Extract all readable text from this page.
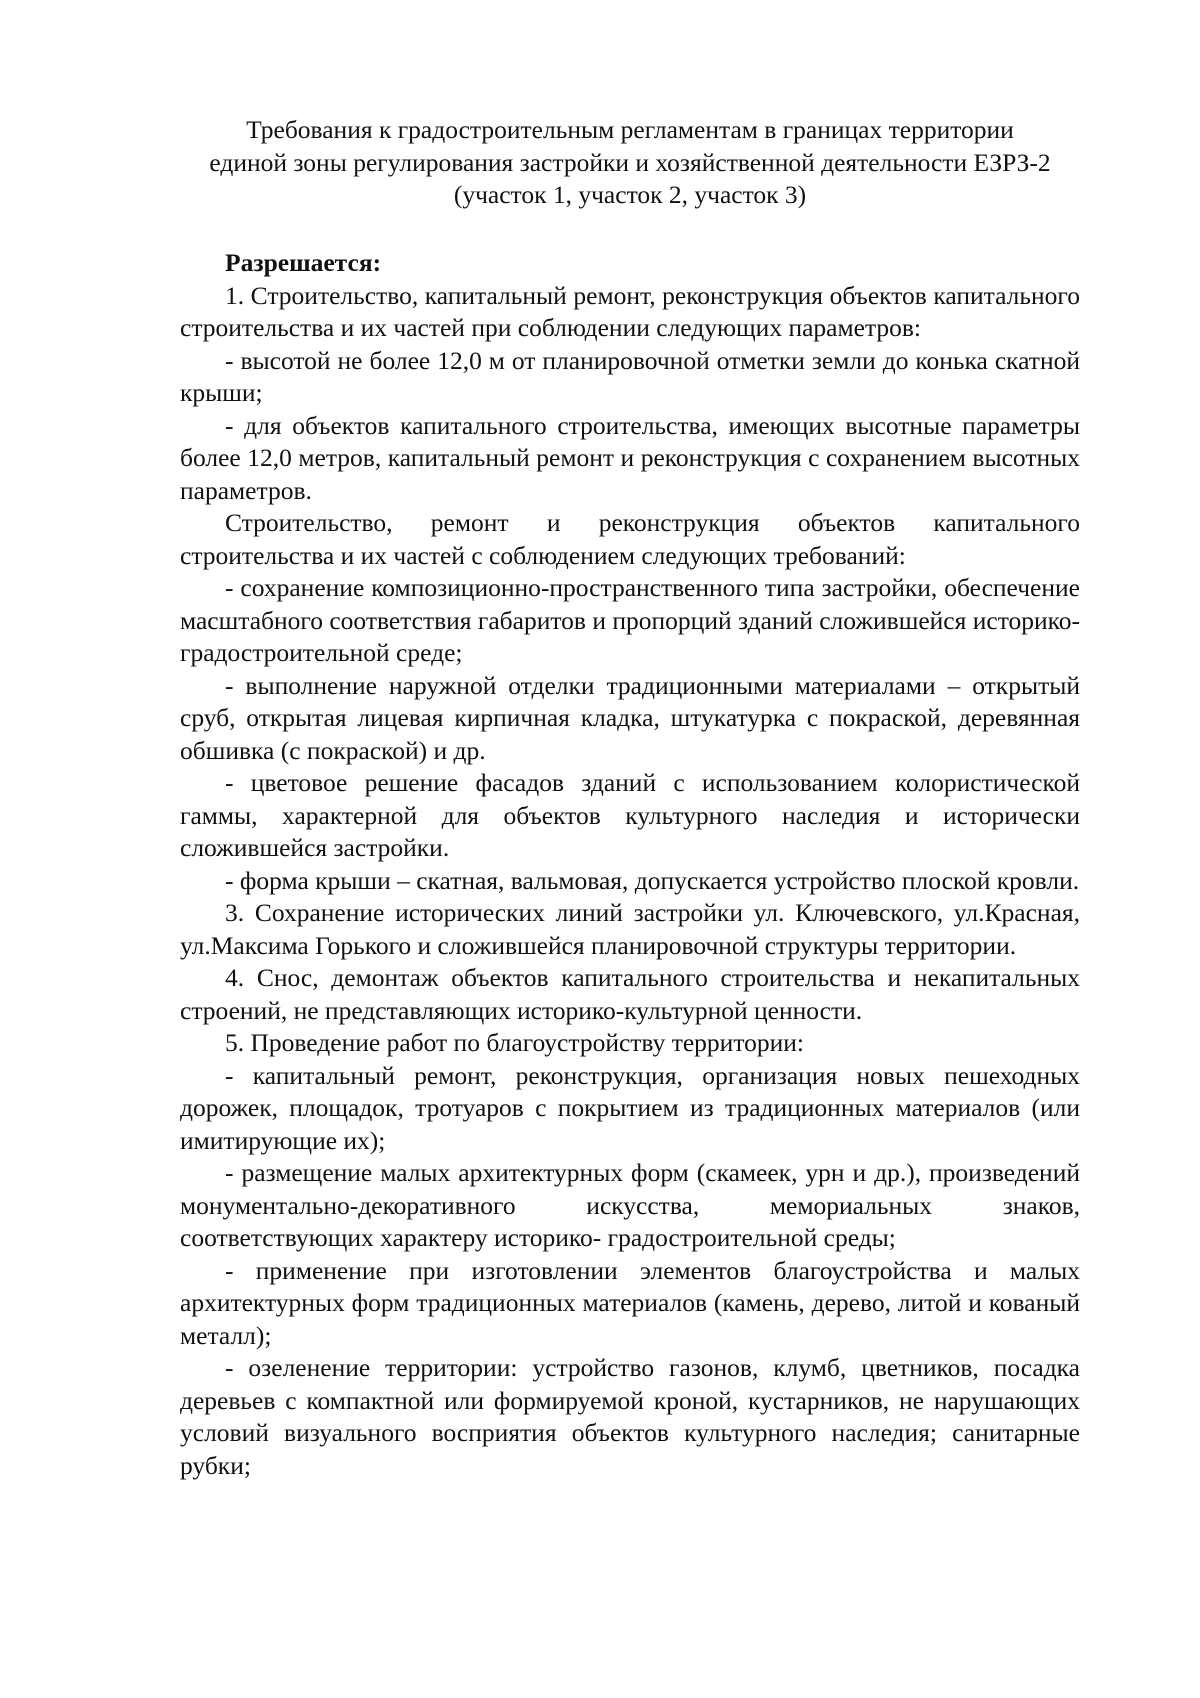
Требования к градостроительным регламентам в границах территории
единой зоны регулирования застройки и хозяйственной деятельности ЕЗРЗ-2
(участок 1, участок 2, участок 3)

Разрешается:

1. Строительство, капитальный ремонт, реконструкция объектов капитального строительства и их частей при соблюдении следующих параметров:

- высотой не более 12,0 м от планировочной отметки земли до конька скатной крыши;

- для объектов капитального строительства, имеющих высотные параметры более 12,0 метров, капитальный ремонт и реконструкция с сохранением высотных параметров.

Строительство, ремонт и реконструкция объектов капитального строительства и их частей с соблюдением следующих требований:

- сохранение композиционно-пространственного типа застройки, обеспечение масштабного соответствия габаритов и пропорций зданий сложившейся историко-градостроительной среде;

- выполнение наружной отделки традиционными материалами – открытый сруб, открытая лицевая кирпичная кладка, штукатурка с покраской, деревянная обшивка (с покраской) и др.

- цветовое решение фасадов зданий с использованием колористической гаммы, характерной для объектов культурного наследия и исторически сложившейся застройки.

- форма крыши – скатная, вальмовая, допускается устройство плоской кровли.

3. Сохранение исторических линий застройки ул. Ключевского, ул.Красная, ул.Максима Горького и сложившейся планировочной структуры территории.

4. Снос, демонтаж объектов капитального строительства и некапитальных строений, не представляющих историко-культурной ценности.

5. Проведение работ по благоустройству территории:

- капитальный ремонт, реконструкция, организация новых пешеходных дорожек, площадок, тротуаров с покрытием из традиционных материалов (или имитирующие их);

- размещение малых архитектурных форм (скамеек, урн и др.), произведений монументально-декоративного искусства, мемориальных знаков, соответствующих характеру историко- градостроительной среды;

- применение при изготовлении элементов благоустройства и малых архитектурных форм традиционных материалов (камень, дерево, литой и кованый металл);

- озеленение территории: устройство газонов, клумб, цветников, посадка деревьев с компактной или формируемой кроной, кустарников, не нарушающих условий визуального восприятия объектов культурного наследия; санитарные рубки;
